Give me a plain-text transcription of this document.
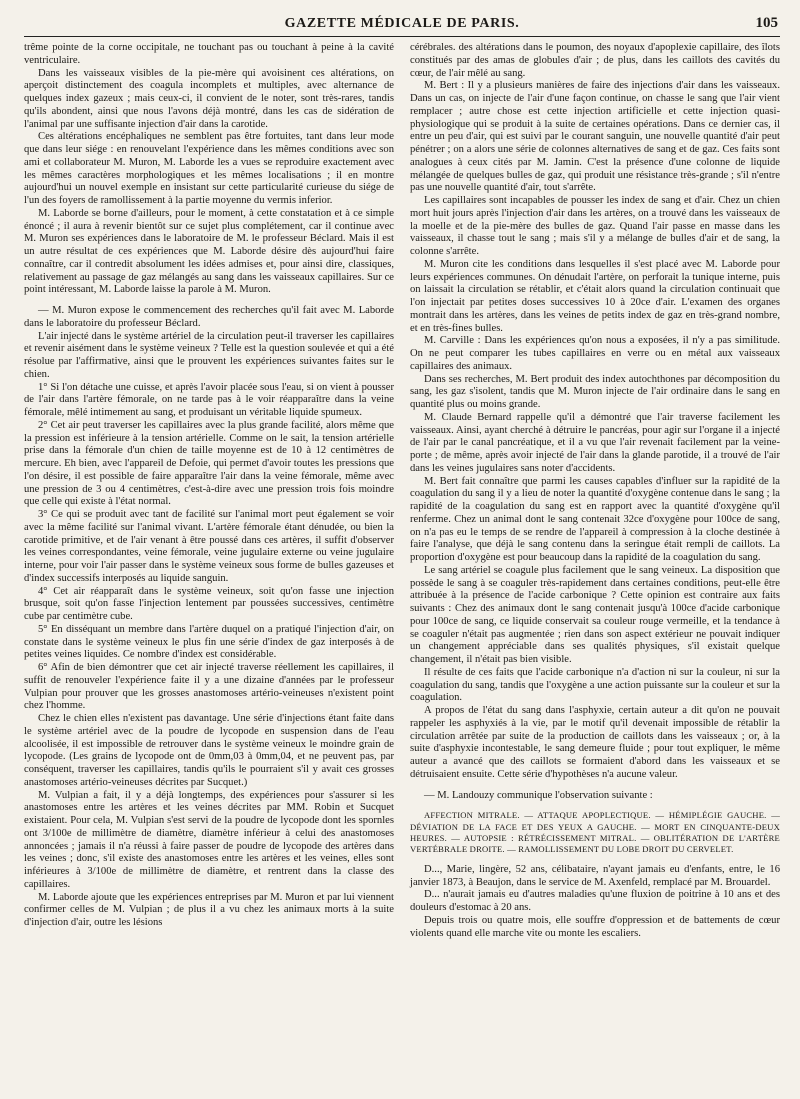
GAZETTE MÉDICALE DE PARIS.	105

trême pointe de la corne occipitale, ne touchant pas ou touchant à peine à la cavité ventriculaire.

Dans les vaisseaux visibles de la pie-mère qui avoisinent ces altérations, on aperçoit distinctement des coagula incomplets et multiples, avec alternance de quelques index gazeux ; mais ceux-ci, il convient de le noter, sont très-rares, tandis qu'ils abondent, ainsi que nous l'avons déjà montré, dans les cas de sidération de l'animal par une suffisante injection d'air dans la carotide.

Ces altérations encéphaliques ne semblent pas être fortuites, tant dans leur mode que dans leur siége : en renouvelant l'expérience dans les mêmes conditions avec son ami et collaborateur M. Muron, M. Laborde les a vues se reproduire exactement avec les mêmes caractères morphologiques et les mêmes localisations ; il en montre aujourd'hui un nouvel exemple en insistant sur cette particularité curieuse du siége de l'un des foyers de ramollissement à la partie moyenne du vermis inferior.

M. Laborde se borne d'ailleurs, pour le moment, à cette constatation et à ce simple énoncé ; il aura à revenir bientôt sur ce sujet plus complétement, car il continue avec M. Muron ses expériences dans le laboratoire de M. le professeur Béclard. Mais il est un autre résultat de ces expériences que M. Laborde désire dès aujourd'hui faire connaître, car il contredit absolument les idées admises et, pour ainsi dire, classiques, relativement au passage de gaz mélangés au sang dans les vaisseaux capillaires. Sur ce point intéressant, M. Laborde laisse la parole à M. Muron.

— M. Muron expose le commencement des recherches qu'il fait avec M. Laborde dans le laboratoire du professeur Béclard.

L'air injecté dans le système artériel de la circulation peut-il traverser les capillaires et revenir aisément dans le système veineux ? Telle est la question soulevée et qui a été résolue par l'affirmative, ainsi que le prouvent les expériences suivantes faites sur le chien.

1° Si l'on détache une cuisse, et après l'avoir placée sous l'eau, si on vient à pousser de l'air dans l'artère fémorale, on ne tarde pas à le voir réapparaître dans la veine fémorale, mêlé intimement au sang, et produisant un véritable liquide spumeux.

2° Cet air peut traverser les capillaires avec la plus grande facilité, alors même que la pression est inférieure à la tension artérielle. Comme on le sait, la tension artérielle prise dans la fémorale d'un chien de taille moyenne est de 10 à 12 centimètres de mercure. Eh bien, avec l'appareil de Defoie, qui permet d'avoir toutes les pressions que l'on désire, il est possible de faire apparaître l'air dans la veine fémorale, même avec une pression de 3 ou 4 centimètres, c'est-à-dire avec une pression trois fois moindre que celle qui existe à l'état normal.

3° Ce qui se produit avec tant de facilité sur l'animal mort peut également se voir avec la même facilité sur l'animal vivant. L'artère fémorale étant dénudée, ou bien la carotide primitive, et de l'air venant à être poussé dans ces artères, il suffit d'observer les veines correspondantes, veine fémorale, veine jugulaire externe ou veine jugulaire interne, pour voir l'air passer dans le système veineux sous forme de bulles gazeuses et d'index successifs interposés au liquide sanguin.

4° Cet air réapparaît dans le système veineux, soit qu'on fasse une injection brusque, soit qu'on fasse l'injection lentement par poussées successives, centimètre cube par centimètre cube.

5° En disséquant un membre dans l'artère duquel on a pratiqué l'injection d'air, on constate dans le système veineux le plus fin une série d'index de gaz interposés à de petites veines liquides. Ce nombre d'index est considérable.

6° Afin de bien démontrer que cet air injecté traverse réellement les capillaires, il suffit de renouveler l'expérience faite il y a une dizaine d'années par le professeur Vulpian pour prouver que les grosses anastomoses artério-veineuses n'existent point chez l'homme.

Chez le chien elles n'existent pas davantage. Une série d'injections étant faite dans le système artériel avec de la poudre de lycopode en suspension dans de l'eau alcoolisée, il est impossible de retrouver dans le système veineux le moindre grain de lycopode. (Les grains de lycopode ont de 0mm,03 à 0mm,04, et ne peuvent pas, par conséquent, traverser les capillaires, tandis qu'ils le pourraient s'il y avait ces grosses anastomoses artério-veineuses décrites par Sucquet.)

M. Vulpian a fait, il y a déjà longtemps, des expériences pour s'assurer si les anastomoses entre les artères et les veines décrites par MM. Robin et Sucquet existaient. Pour cela, M. Vulpian s'est servi de la poudre de lycopode dont les spornles ont 3/100e de millimètre de diamètre, diamètre inférieur à celui des anastomoses annoncées ; jamais il n'a réussi à faire passer de poudre de lycopode des artères dans les veines ; donc, s'il existe des anastomoses entre les artères et les veines, elles sont inférieures à 3/100e de millimètre de diamètre, et rentrent dans la classe des capillaires.

M. Laborde ajoute que les expériences entreprises par M. Muron et par lui viennent confirmer celles de M. Vulpian ; de plus il a vu chez les animaux morts à la suite d'injection d'air, outre les lésions

cérébrales. des altérations dans le poumon, des noyaux d'apoplexie capillaire, des îlots constitués par des amas de globules d'air ; de plus, dans les caillots des cavités du cœur, de l'air mêlé au sang.

M. Bert : Il y a plusieurs manières de faire des injections d'air dans les vaisseaux. Dans un cas, on injecte de l'air d'une façon continue, on chasse le sang que l'air vient remplacer ; autre chose est cette injection artificielle et cette injection quasi-physiologique qui se produit à la suite de certaines opérations. Dans ce dernier cas, il entre un peu d'air, qui est suivi par le courant sanguin, une nouvelle quantité d'air peut pénétrer ; on a alors une série de colonnes alternatives de sang et de gaz. Ces faits sont analogues à ceux cités par M. Jamin. C'est la présence d'une colonne de liquide mélangée de quelques bulles de gaz, qui produit une résistance très-grande ; s'il n'entre pas une nouvelle quantité d'air, tout s'arrête.

Les capillaires sont incapables de pousser les index de sang et d'air. Chez un chien mort huit jours après l'injection d'air dans les artères, on a trouvé dans les vaisseaux de la moelle et de la pie-mère des bulles de gaz. Quand l'air passe en masse dans les vaisseaux, il chasse tout le sang ; mais s'il y a mélange de bulles d'air et de sang, la colonne s'arrête.

M. Muron cite les conditions dans lesquelles il s'est placé avec M. Laborde pour leurs expériences communes. On dénudait l'artère, on perforait la tunique interne, puis on laissait la circulation se rétablir, et c'était alors quand la circulation continuait que l'on injectait par petites doses successives 10 à 20ce d'air. L'examen des organes montrait dans les artères, dans les veines de petits index de gaz en très-grand nombre, et en très-fines bulles.

M. Carville : Dans les expériences qu'on nous a exposées, il n'y a pas similitude. On ne peut comparer les tubes capillaires en verre ou en métal aux vaisseaux capillaires des animaux.

Dans ses recherches, M. Bert produit des index autochthones par décomposition du sang, les gaz s'isolent, tandis que M. Muron injecte de l'air ordinaire dans le sang en quantité plus ou moins grande.

M. Claude Bernard rappelle qu'il a démontré que l'air traverse facilement les vaisseaux. Ainsi, ayant cherché à détruire le pancréas, pour agir sur l'organe il a injecté de l'air par le canal pancréatique, et il a vu que l'air revenait facilement par la veine-porte ; de même, après avoir injecté de l'air dans la glande parotide, il a trouvé de l'air dans les veines jugulaires sans noter d'accidents.

M. Bert fait connaître que parmi les causes capables d'influer sur la rapidité de la coagulation du sang il y a lieu de noter la quantité d'oxygène contenue dans le sang ; la rapidité de la coagulation du sang est en rapport avec la quantité d'oxygène qu'il renferme. Chez un animal dont le sang contenait 32ce d'oxygène pour 100ce de sang, on n'a pas eu le temps de se rendre de l'appareil à compression à la cloche destinée à faire l'analyse, que déjà le sang contenu dans la seringue était rempli de caillots. La proportion d'oxygène est pour beaucoup dans la rapidité de la coagulation du sang.

Le sang artériel se coagule plus facilement que le sang veineux. La disposition que possède le sang à se coaguler très-rapidement dans certaines conditions, peut-elle être attribuée à la présence de l'acide carbonique ? Cette opinion est contraire aux faits suivants : Chez des animaux dont le sang contenait jusqu'à 100ce d'acide carbonique pour 100ce de sang, ce liquide conservait sa couleur rouge vermeille, et la tendance à se coaguler n'était pas augmentée ; rien dans son aspect extérieur ne pouvait indiquer un changement appréciable dans ses qualités physiques, s'il existait quelque changement, il n'était pas bien visible.

Il résulte de ces faits que l'acide carbonique n'a d'action ni sur la couleur, ni sur la coagulation du sang, tandis que l'oxygène a une action puissante sur la couleur et sur la coagulation.

A propos de l'état du sang dans l'asphyxie, certain auteur a dit qu'on ne pouvait rappeler les asphyxiés à la vie, par le motif qu'il devenait impossible de rétablir la circulation arrêtée par suite de la production de caillots dans les vaisseaux ; or, à la suite d'asphyxie incontestable, le sang demeure fluide ; pour tout expliquer, le même auteur a avancé que des caillots se formaient d'abord dans les vaisseaux et se détruisaient ensuite. Cette série d'hypothèses n'a aucune valeur.

— M. Landouzy communique l'observation suivante :

AFFECTION MITRALE. — ATTAQUE APOPLECTIQUE. — HÉMIPLÉGIE GAUCHE. — DÉVIATION DE LA FACE ET DES YEUX A GAUCHE. — MORT EN CINQUANTE-DEUX HEURES. — AUTOPSIE : RÉTRÉCISSEMENT MITRAL. — OBLITÉRATION DE L'ARTÈRE VERTÉBRALE DROITE. — RAMOLLISSEMENT DU LOBE DROIT DU CERVELET.

D..., Marie, lingère, 52 ans, célibataire, n'ayant jamais eu d'enfants, entre, le 16 janvier 1873, à Beaujon, dans le service de M. Axenfeld, remplacé par M. Brouardel.

D... n'aurait jamais eu d'autres maladies qu'une fluxion de poitrine à 10 ans et des douleurs d'estomac à 20 ans.

Depuis trois ou quatre mois, elle souffre d'oppression et de battements de cœur violents quand elle marche vite ou monte les escaliers.
